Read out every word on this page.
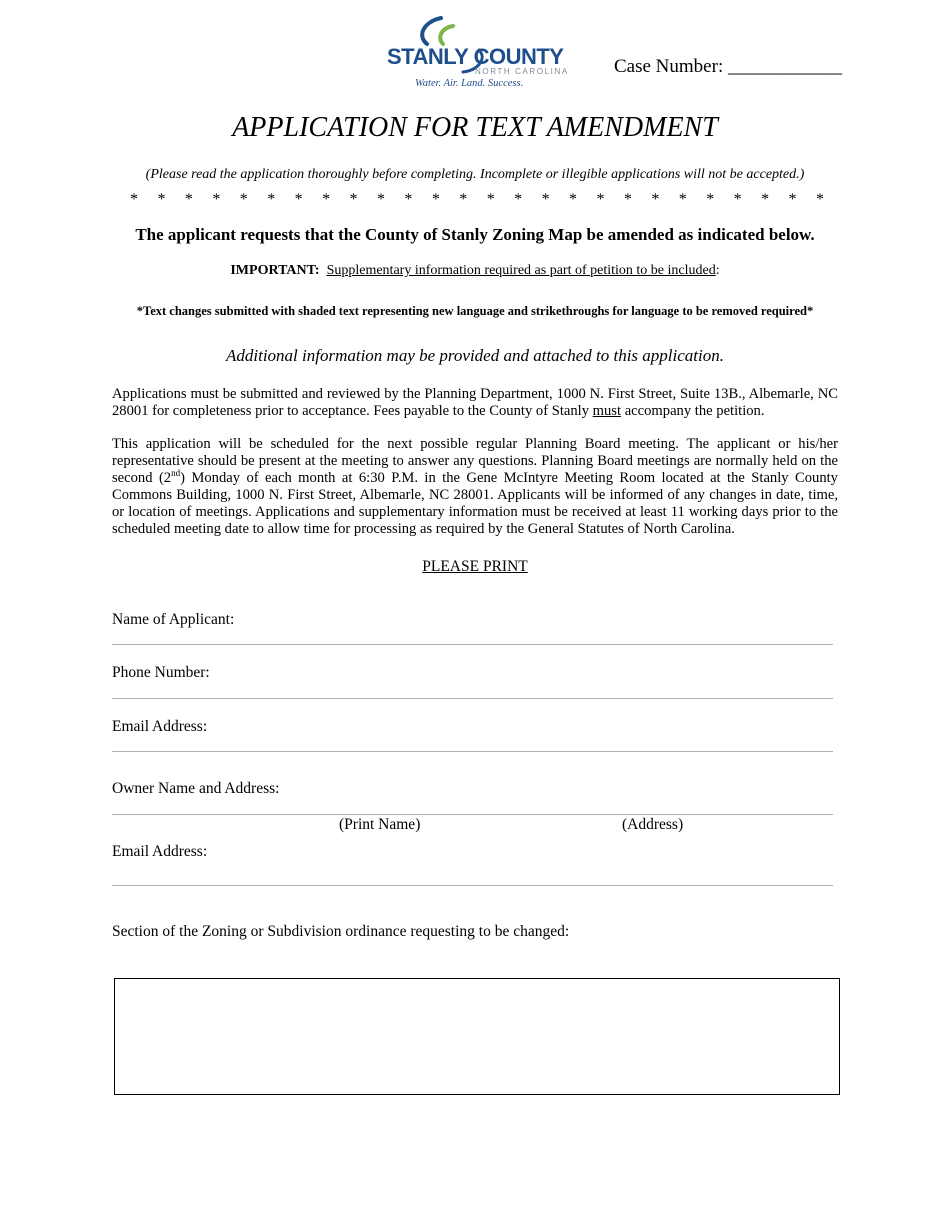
STANLY COUNTY
NORTH CAROLINA
Water. Air. Land. Success.
Case Number: ____________
APPLICATION FOR TEXT AMENDMENT
(Please read the application thoroughly before completing. Incomplete or illegible applications will not be accepted.)
* * * * * * * * * * * * * * * * * * * * * * * * * *
The applicant requests that the County of Stanly Zoning Map be amended as indicated below.
IMPORTANT: Supplementary information required as part of petition to be included:
*Text changes submitted with shaded text representing new language and strikethroughs for language to be removed required*
Additional information may be provided and attached to this application.
Applications must be submitted and reviewed by the Planning Department, 1000 N. First Street, Suite 13B., Albemarle, NC 28001 for completeness prior to acceptance. Fees payable to the County of Stanly must accompany the petition.
This application will be scheduled for the next possible regular Planning Board meeting. The applicant or his/her representative should be present at the meeting to answer any questions. Planning Board meetings are normally held on the second (2nd) Monday of each month at 6:30 P.M. in the Gene McIntyre Meeting Room located at the Stanly County Commons Building, 1000 N. First Street, Albemarle, NC 28001. Applicants will be informed of any changes in date, time, or location of meetings. Applications and supplementary information must be received at least 11 working days prior to the scheduled meeting date to allow time for processing as required by the General Statutes of North Carolina.
PLEASE PRINT
Name of Applicant:
Phone Number:
Email Address:
Owner Name and Address:
(Print Name)	(Address)
Email Address:
Section of the Zoning or Subdivision ordinance requesting to be changed:
